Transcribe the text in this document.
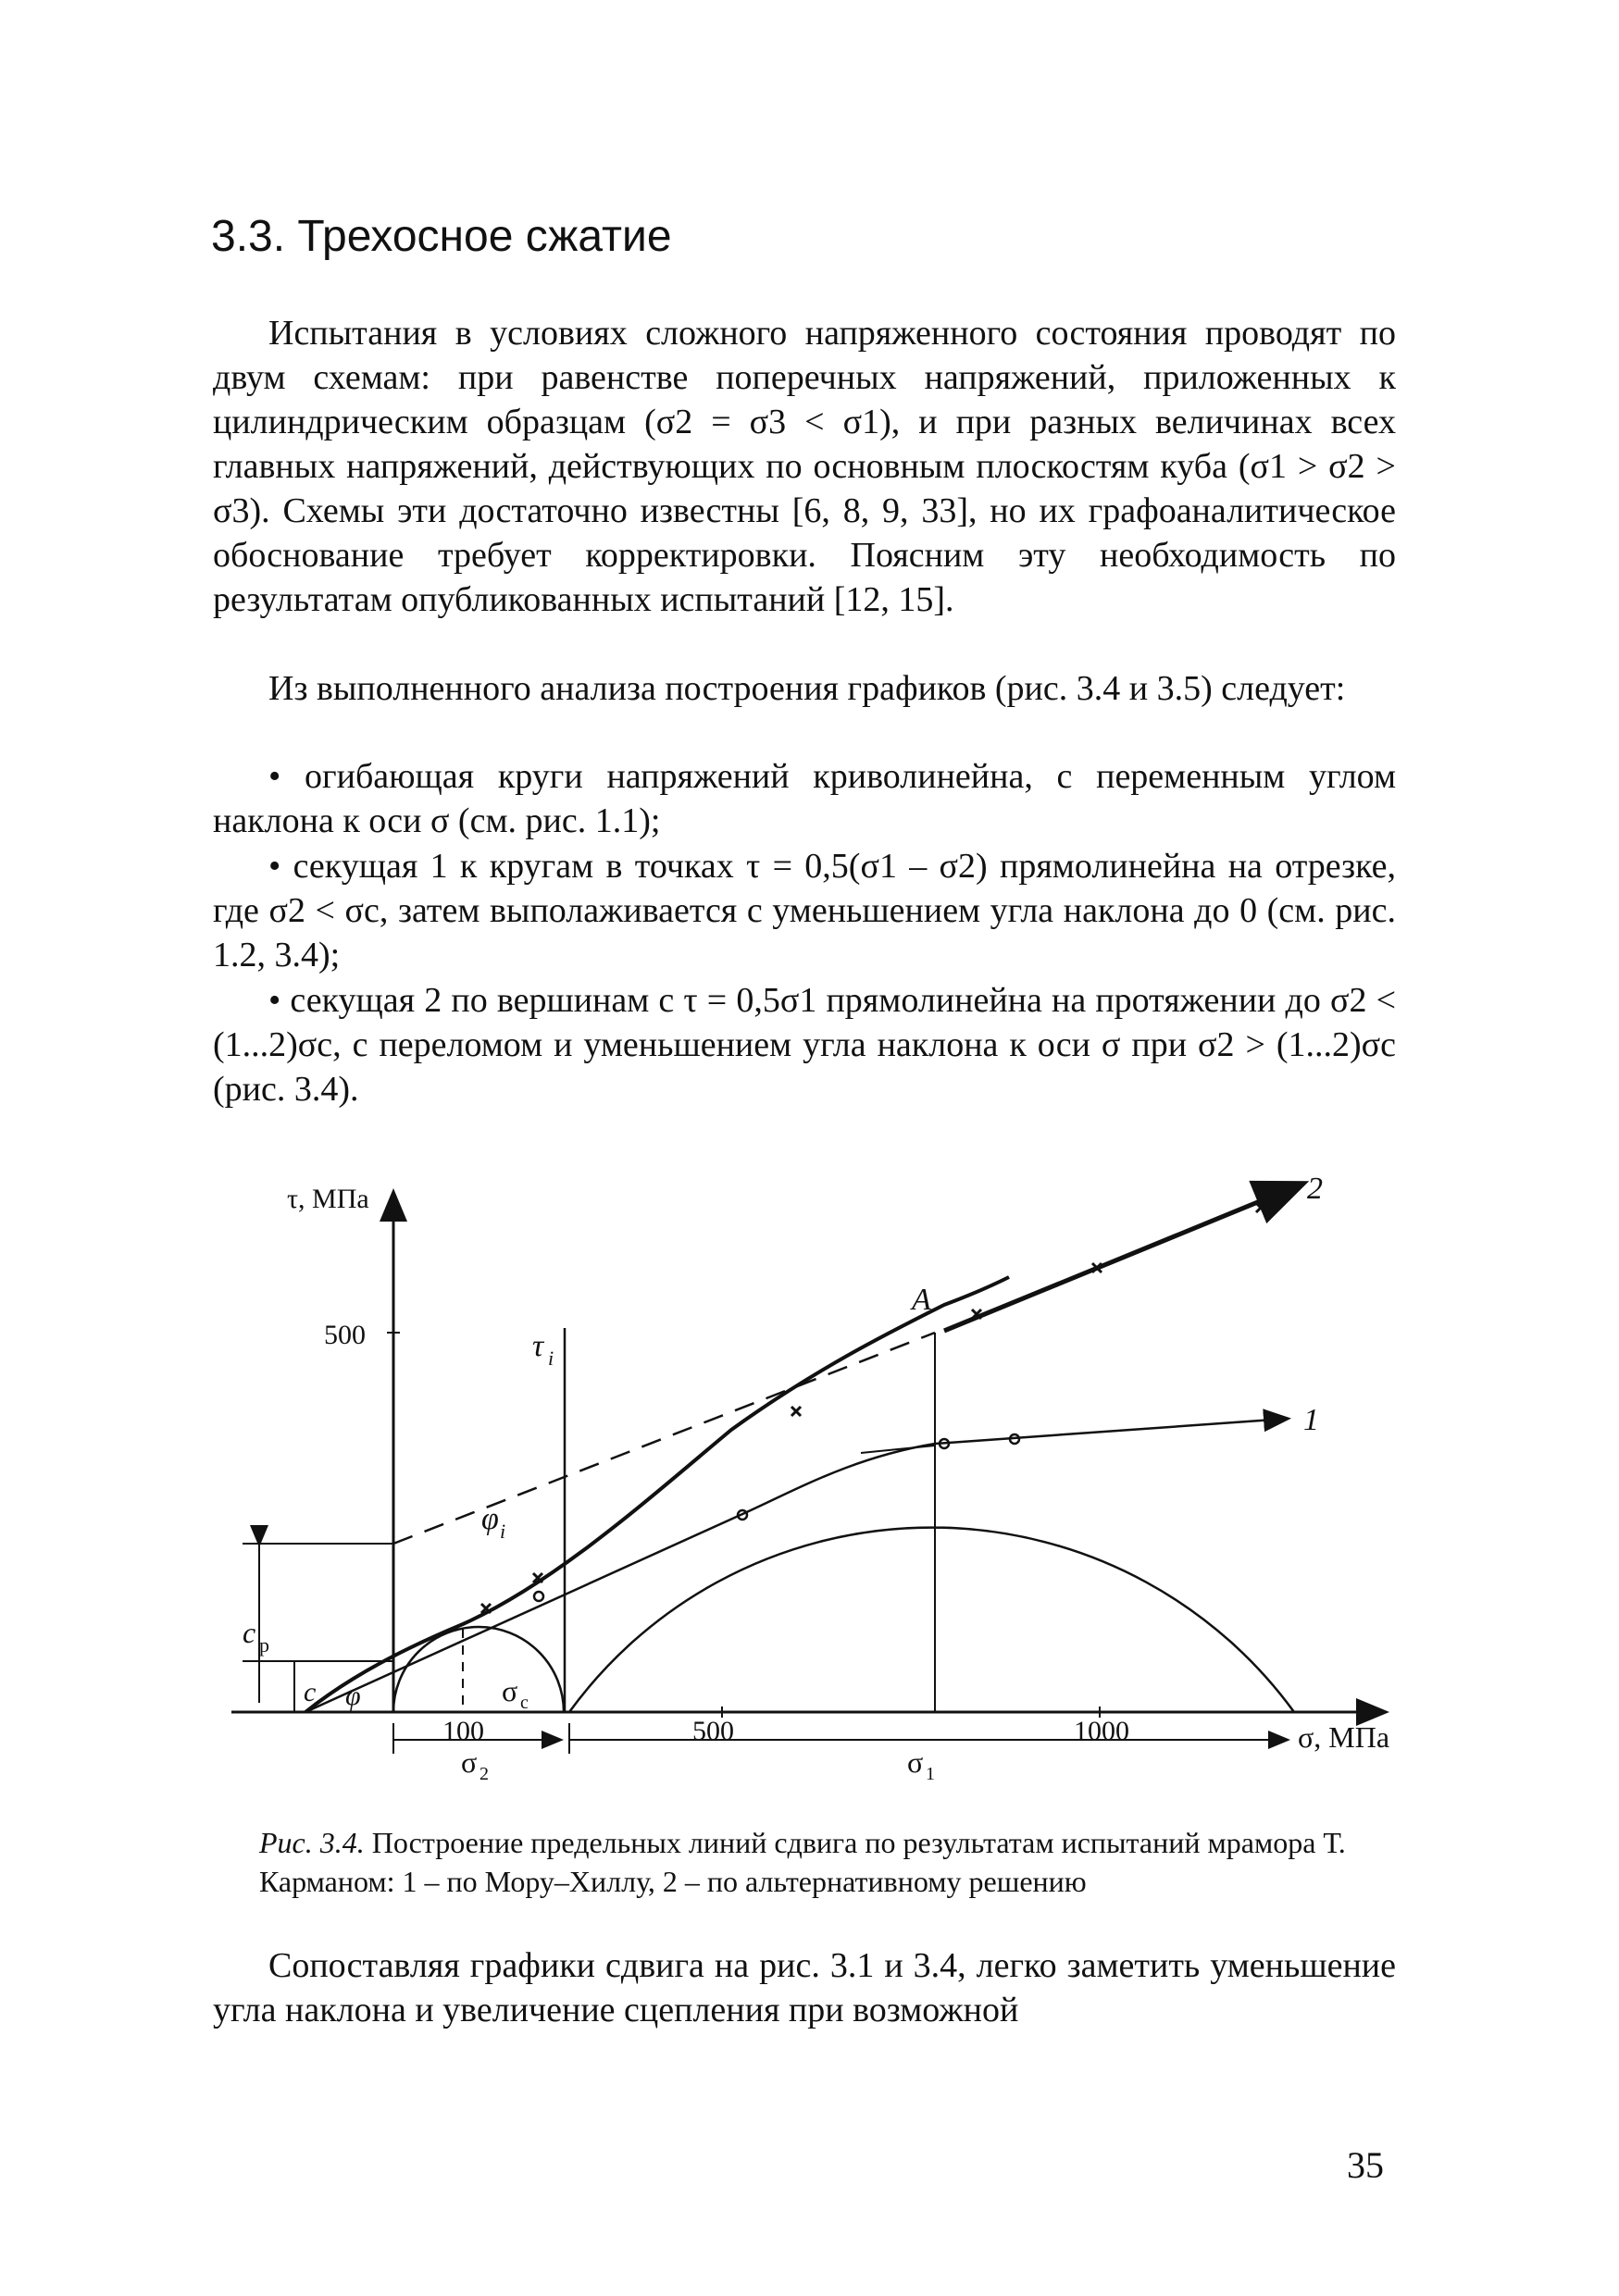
3.3. Трехосное сжатие
Испытания в условиях сложного напряженного состояния проводят по двум схемам: при равенстве поперечных напряжений, приложенных к цилиндрическим образцам (σ2 = σ3 < σ1), и при разных величинах всех главных напряжений, действующих по основным плоскостям куба (σ1 > σ2 > σ3). Схемы эти достаточно известны [6, 8, 9, 33], но их графоаналитическое обоснование требует корректировки. Поясним эту необходимость по результатам опубликованных испытаний [12, 15].
Из выполненного анализа построения графиков (рис. 3.4 и 3.5) следует:
• огибающая круги напряжений криволинейна, с переменным углом наклона к оси σ (см. рис. 1.1);
• секущая 1 к кругам в точках τ = 0,5(σ1 – σ2) прямолинейна на отрезке, где σ2 < σc, затем выполаживается с уменьшением угла наклона до 0 (см. рис. 1.2, 3.4);
• секущая 2 по вершинам с τ = 0,5σ1 прямолинейна на протяжении до σ2 < (1...2)σc, с переломом и уменьшением угла наклона к оси σ при σ2 > (1...2)σc (рис. 3.4).
τ, МПа
σ, МПа
500
100	500	1000
τ i
φ i
φ
c
c p
σ c
σ 2	σ 1
A
1
2
Рис. 3.4. Построение предельных линий сдвига по результатам испытаний мрамора Т. Карманом: 1 – по Мору–Хиллу, 2 – по альтернативному решению
Сопоставляя графики сдвига на рис. 3.1 и 3.4, легко заметить уменьшение угла наклона и увеличение сцепления при возможной
35
